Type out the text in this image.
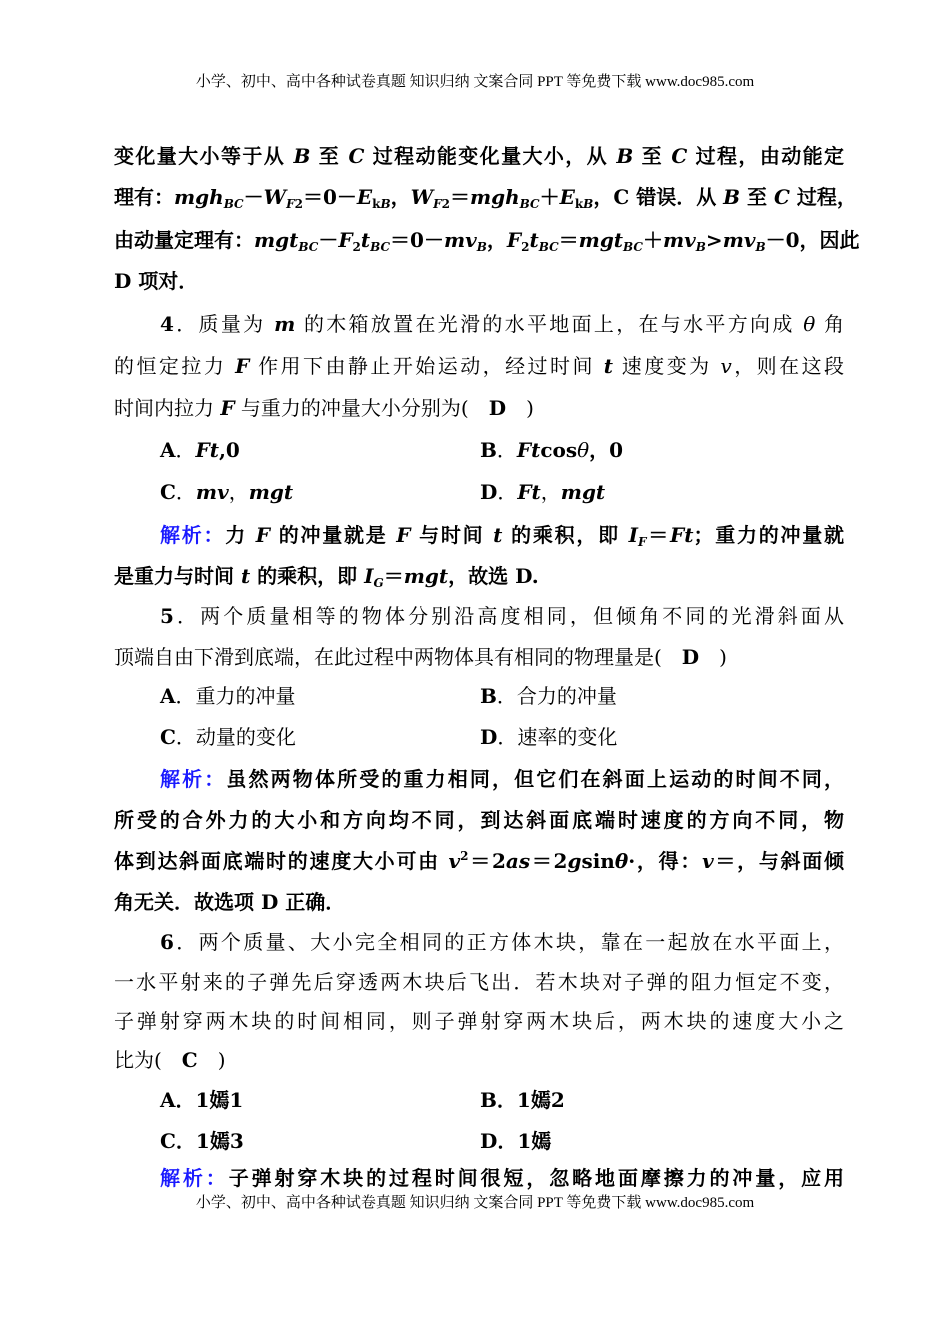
小学、初中、高中各种试卷真题 知识归纳 文案合同 PPT 等免费下载 www.doc985.com
变化量大小等于从 B 至 C 过程动能变化量大小，从 B 至 C 过程，由动能定
理有：$mgh_{BC}-W_{F2}=0-E_{kB}$，$W_{F2}=mgh_{BC}+E_{kB}$，C 错误．从 B 至 C 过程，
由动量定理有：$mgt_{BC}-F_2t_{BC}=0-mv_B$，$F_2t_{BC}=mgt_{BC}+mv_B>mv_B-0$，因此
D 项对．
4．质量为 m 的木箱放置在光滑的水平地面上，在与水平方向成 θ 角
的恒定拉力 F 作用下由静止开始运动，经过时间 t 速度变为 v，则在这段
时间内拉力 F 与重力的冲量大小分别为(　D　)
A．Ft,0	B．Ftcosθ，0
C．mv，mgt	D．Ft，mgt
解析：力 F 的冲量就是 F 与时间 t 的乘积，即 $I_F=Ft$；重力的冲量就
是重力与时间 t 的乘积，即 $I_G=mgt$，故选 D.
5．两个质量相等的物体分别沿高度相同，但倾角不同的光滑斜面从
顶端自由下滑到底端，在此过程中两物体具有相同的物理量是(　D　)
A．重力的冲量	B．合力的冲量
C．动量的变化	D．速率的变化
解析：虽然两物体所受的重力相同，但它们在斜面上运动的时间不同，
所受的合外力的大小和方向均不同，到达斜面底端时速度的方向不同，物
体到达斜面底端时的速度大小可由 $v^2=2as=2gsin\theta\cdot$，得：v＝，与斜面倾
角无关．故选项 D 正确．
6．两个质量、大小完全相同的正方体木块，靠在一起放在水平面上，
一水平射来的子弹先后穿透两木块后飞出．若木块对子弹的阻力恒定不变，
子弹射穿两木块的时间相同，则子弹射穿两木块后，两木块的速度大小之
比为(　C　)
A．1嫣1	B．1嫣2
C．1嫣3	D．1嫣
解析：子弹射穿木块的过程时间很短，忽略地面摩擦力的冲量，应用
小学、初中、高中各种试卷真题 知识归纳 文案合同 PPT 等免费下载 www.doc985.com
